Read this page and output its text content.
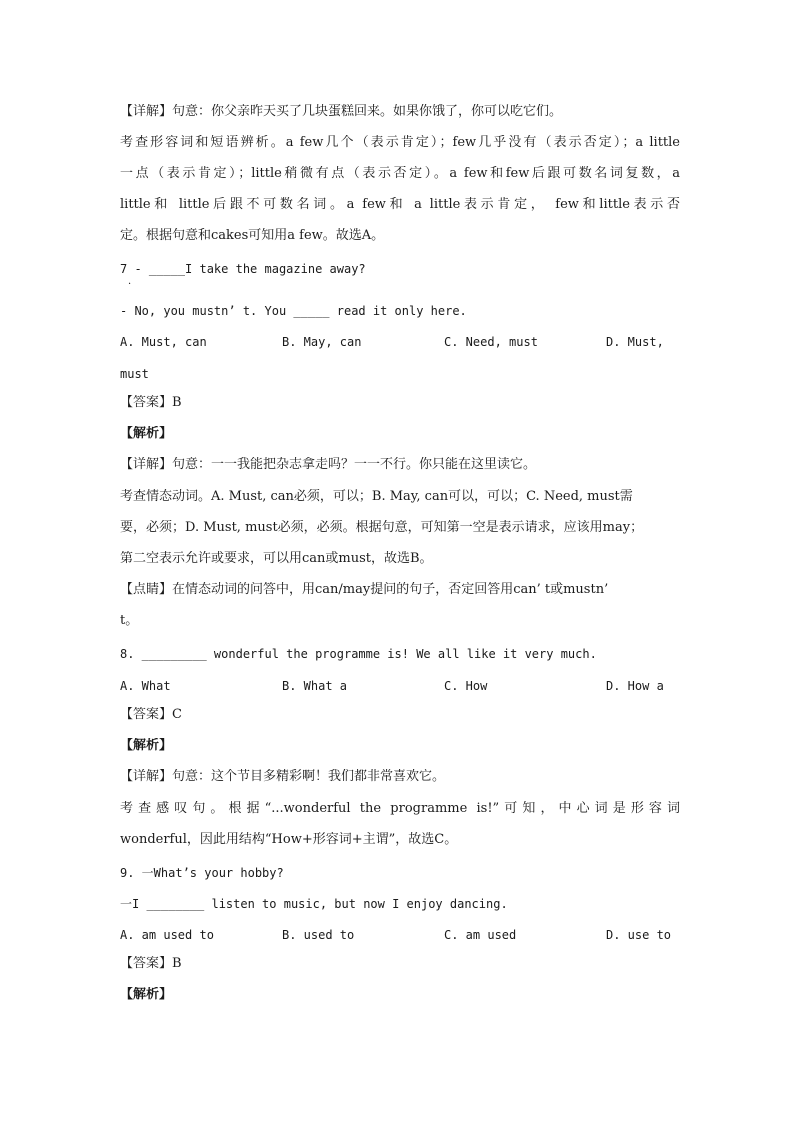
【详解】句意：你父亲昨天买了几块蛋糕回来。如果你饿了，你可以吃它们。
考查形容词和短语辨析。a few几个（表示肯定）；few几乎没有（表示否定）；a little
一点（表示肯定）；little稍微有点（表示否定）。a few和few后跟可数名词复数，a
little和 little后跟不可数名词。a few和 a little表示肯定， few和little表示否
定。根据句意和cakes可知用a few。故选A。
7 - _____I take the magazine away?
·
- No, you mustn’ t. You _____ read it only here.
A. Must, can	B. May, can	C. Need, must	D. Must,
must
【答案】B
【解析】
【详解】句意：一一我能把杂志拿走吗？一一不行。你只能在这里读它。
考查情态动词。A. Must, can必须，可以；B. May, can可以，可以；C. Need, must需
要，必须；D. Must, must必须，必须。根据句意，可知第一空是表示请求，应该用may；
第二空表示允许或要求，可以用can或must，故选B。
【点睛】在情态动词的问答中，用can/may提问的句子，否定回答用can’ t或mustn’
t。
8. _________ wonderful the programme is! We all like it very much.
A. What	B. What a	C. How	D. How a
【答案】C
【解析】
【详解】句意：这个节目多精彩啊！我们都非常喜欢它。
考查感叹句。根据“...wonderful the programme is!”可知，中心词是形容词
wonderful，因此用结构“How+形容词+主谓”，故选C。
9. 一What’s your hobby?
一I ________ listen to music, but now I enjoy dancing.
A. am used to	B. used to	C. am used	D. use to
【答案】B
【解析】
